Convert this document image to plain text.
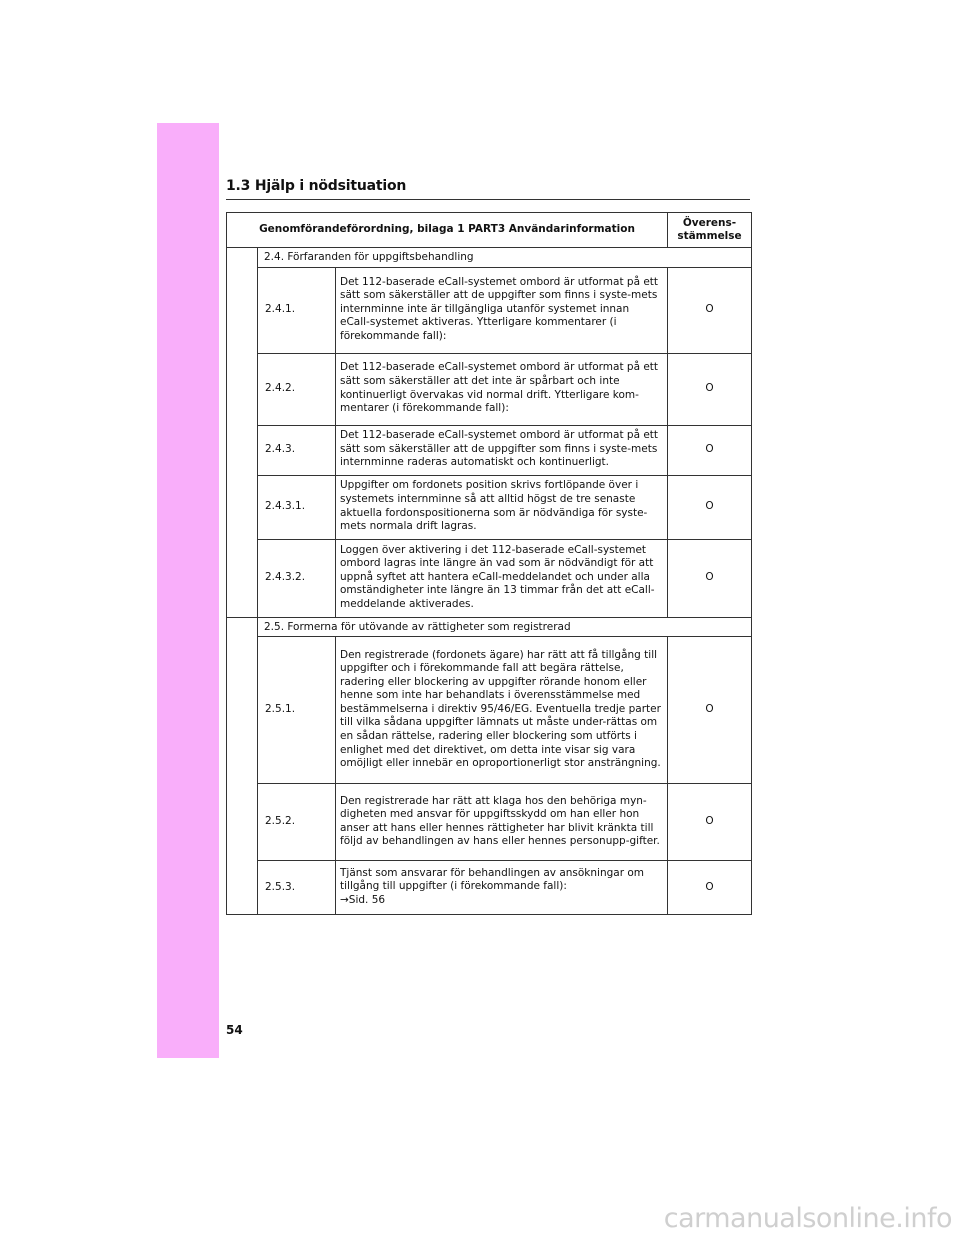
1.3 Hjälp i nödsituation
Genomförandeförordning, bilaga 1 PART3 Användarinformation			Överens-
stämmelse

	2.4. Förfaranden för uppgiftsbehandling		
	2.4.1.	Det 112-baserade eCall-systemet ombord är utformat på ett sätt som säkerställer att de uppgifter som finns i syste-mets internminne inte är tillgängliga utanför systemet innan eCall-systemet aktiveras. Ytterligare kommentarer (i förekommande fall):	O
	2.4.2.	Det 112-baserade eCall-systemet ombord är utformat på ett sätt som säkerställer att det inte är spårbart och inte kontinuerligt övervakas vid normal drift. Ytterligare kom-mentarer (i förekommande fall):	O
	2.4.3.	Det 112-baserade eCall-systemet ombord är utformat på ett sätt som säkerställer att de uppgifter som finns i syste-mets internminne raderas automatiskt och kontinuerligt.	O
	2.4.3.1.	Uppgifter om fordonets position skrivs fortlöpande över i systemets internminne så att alltid högst de tre senaste aktuella fordonspositionerna som är nödvändiga för syste-mets normala drift lagras.	O
	2.4.3.2.	Loggen över aktivering i det 112-baserade eCall-systemet ombord lagras inte längre än vad som är nödvändigt för att uppnå syftet att hantera eCall-meddelandet och under alla omständigheter inte längre än 13 timmar från det att eCall-meddelande aktiverades.	O
	2.5. Formerna för utövande av rättigheter som registrerad		
	2.5.1.	Den registrerade (fordonets ägare) har rätt att få tillgång till uppgifter och i förekommande fall att begära rättelse, radering eller blockering av uppgifter rörande honom eller henne som inte har behandlats i överensstämmelse med bestämmelserna i direktiv 95/46/EG. Eventuella tredje parter till vilka sådana uppgifter lämnats ut måste under-rättas om en sådan rättelse, radering eller blockering som utförts i enlighet med det direktivet, om detta inte visar sig vara omöjligt eller innebär en oproportionerligt stor ansträngning.	O
	2.5.2.	Den registrerade har rätt att klaga hos den behöriga myn-digheten med ansvar för uppgiftsskydd om han eller hon anser att hans eller hennes rättigheter har blivit kränkta till följd av behandlingen av hans eller hennes personupp-gifter.	O
	2.5.3.	Tjänst som ansvarar för behandlingen av ansökningar om tillgång till uppgifter (i förekommande fall):
→Sid. 56	O
54
carmanualsonline.info
